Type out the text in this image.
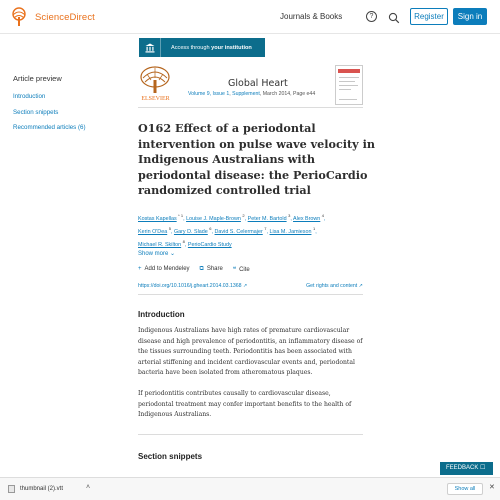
ScienceDirect	Journals & Books	?	Register	Sign in
Access through your institution
Article preview
Introduction
Section snippets
Recommended articles (6)
ELSEVIER
Global Heart
Volume 9, Issue 1, Supplement, March 2014, Page e44
O162 Effect of a periodontal intervention on pulse wave velocity in Indigenous Australians with periodontal disease: the PerioCardio randomized controlled trial
Kostas Kapellas $^{* 1}$, Louise J. Maple-Brown $^2$, Peter M. Bartold $^3$, Alex Brown $^4$,
Kerin O'Dea $^5$, Gary D. Slade $^6$, David S. Celermajer $^7$, Lisa M. Jamieson $^1$,
Michael R. Skilton $^8$, PerioCardio Study
Show more ⌄
+ Add to Mendeley ⧉ Share ❝ Cite
https://doi.org/10.1016/j.gheart.2014.03.1368 ↗	Get rights and content ↗
Introduction

Indigenous Australians have high rates of premature cardiovascular disease and high prevalence of periodontitis, an inflammatory disease of the tissues surrounding teeth. Periodontitis has been associated with arterial stiffening and incident cardiovascular events and, periodontal bacteria have been isolated from atheromatous plaques.

If periodontitis contributes causally to cardiovascular disease, periodontal treatment may confer important benefits to the health of Indigenous Australians.

Section snippets
FEEDBACK ☐
thumbnail (2).vtt	˄	Show all	✕
